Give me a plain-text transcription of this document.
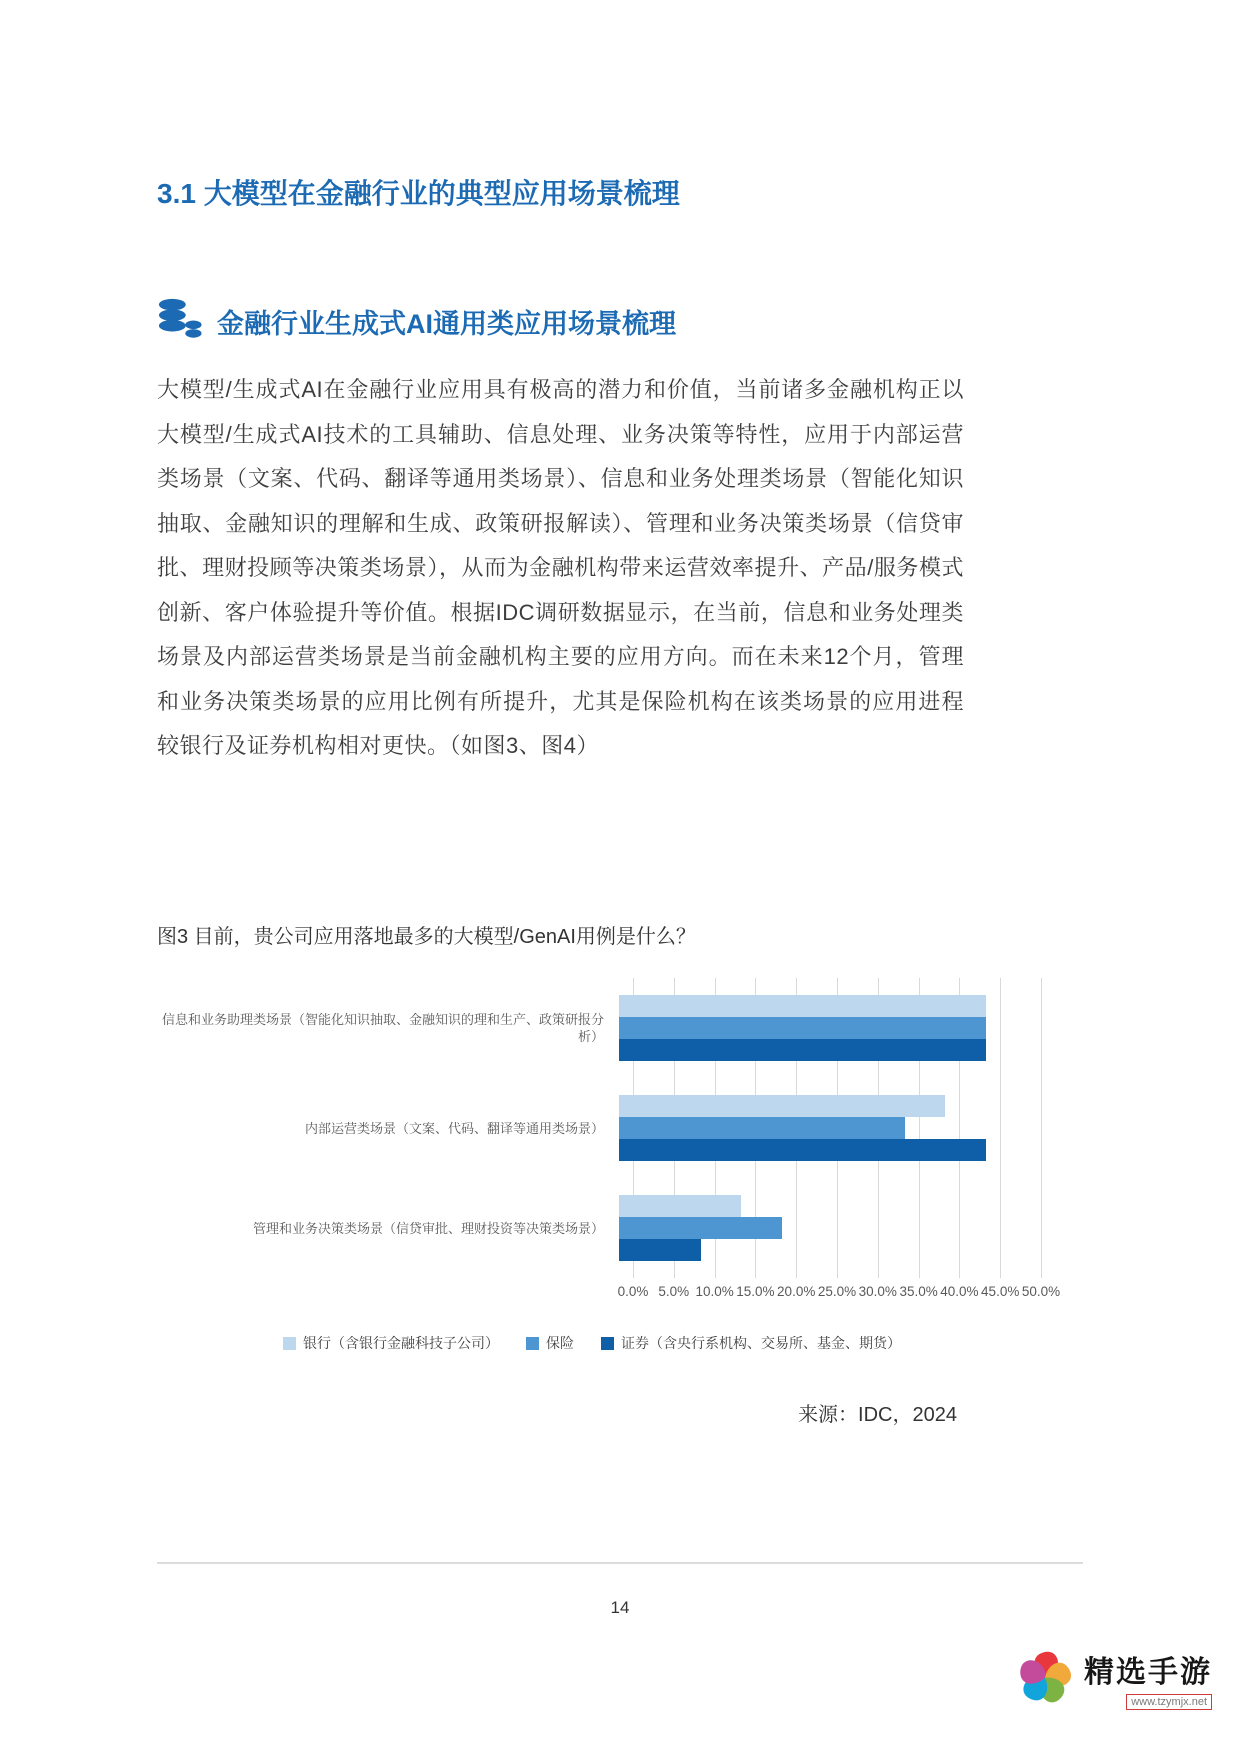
3.1 大模型在金融行业的典型应用场景梳理
金融行业生成式AI通用类应用场景梳理

大模型/生成式AI在金融行业应用具有极高的潜力和价值，当前诸多金融机构正以大模型/生成式AI技术的工具辅助、信息处理、业务决策等特性，应用于内部运营类场景（文案、代码、翻译等通用类场景）、信息和业务处理类场景（智能化知识抽取、金融知识的理解和生成、政策研报解读）、管理和业务决策类场景（信贷审批、理财投顾等决策类场景），从而为金融机构带来运营效率提升、产品/服务模式创新、客户体验提升等价值。根据IDC调研数据显示，在当前，信息和业务处理类场景及内部运营类场景是当前金融机构主要的应用方向。而在未来12个月，管理和业务决策类场景的应用比例有所提升，尤其是保险机构在该类场景的应用进程较银行及证券机构相对更快。（如图3、图4）

图3 目前，贵公司应用落地最多的大模型/GenAI用例是什么？
信息和业务助理类场景（智能化知识抽取、金融知识的理和生产、政策研报分析）
内部运营类场景（文案、代码、翻译等通用类场景）
管理和业务决策类场景（信贷审批、理财投资等决策类场景）
0.0% 5.0% 10.0% 15.0% 20.0% 25.0% 30.0% 35.0% 40.0% 45.0% 50.0%
银行（含银行金融科技子公司）	保险	证券（含央行系机构、交易所、基金、期货）
来源：IDC，2024
14
精选手游
www.tzymjx.net
